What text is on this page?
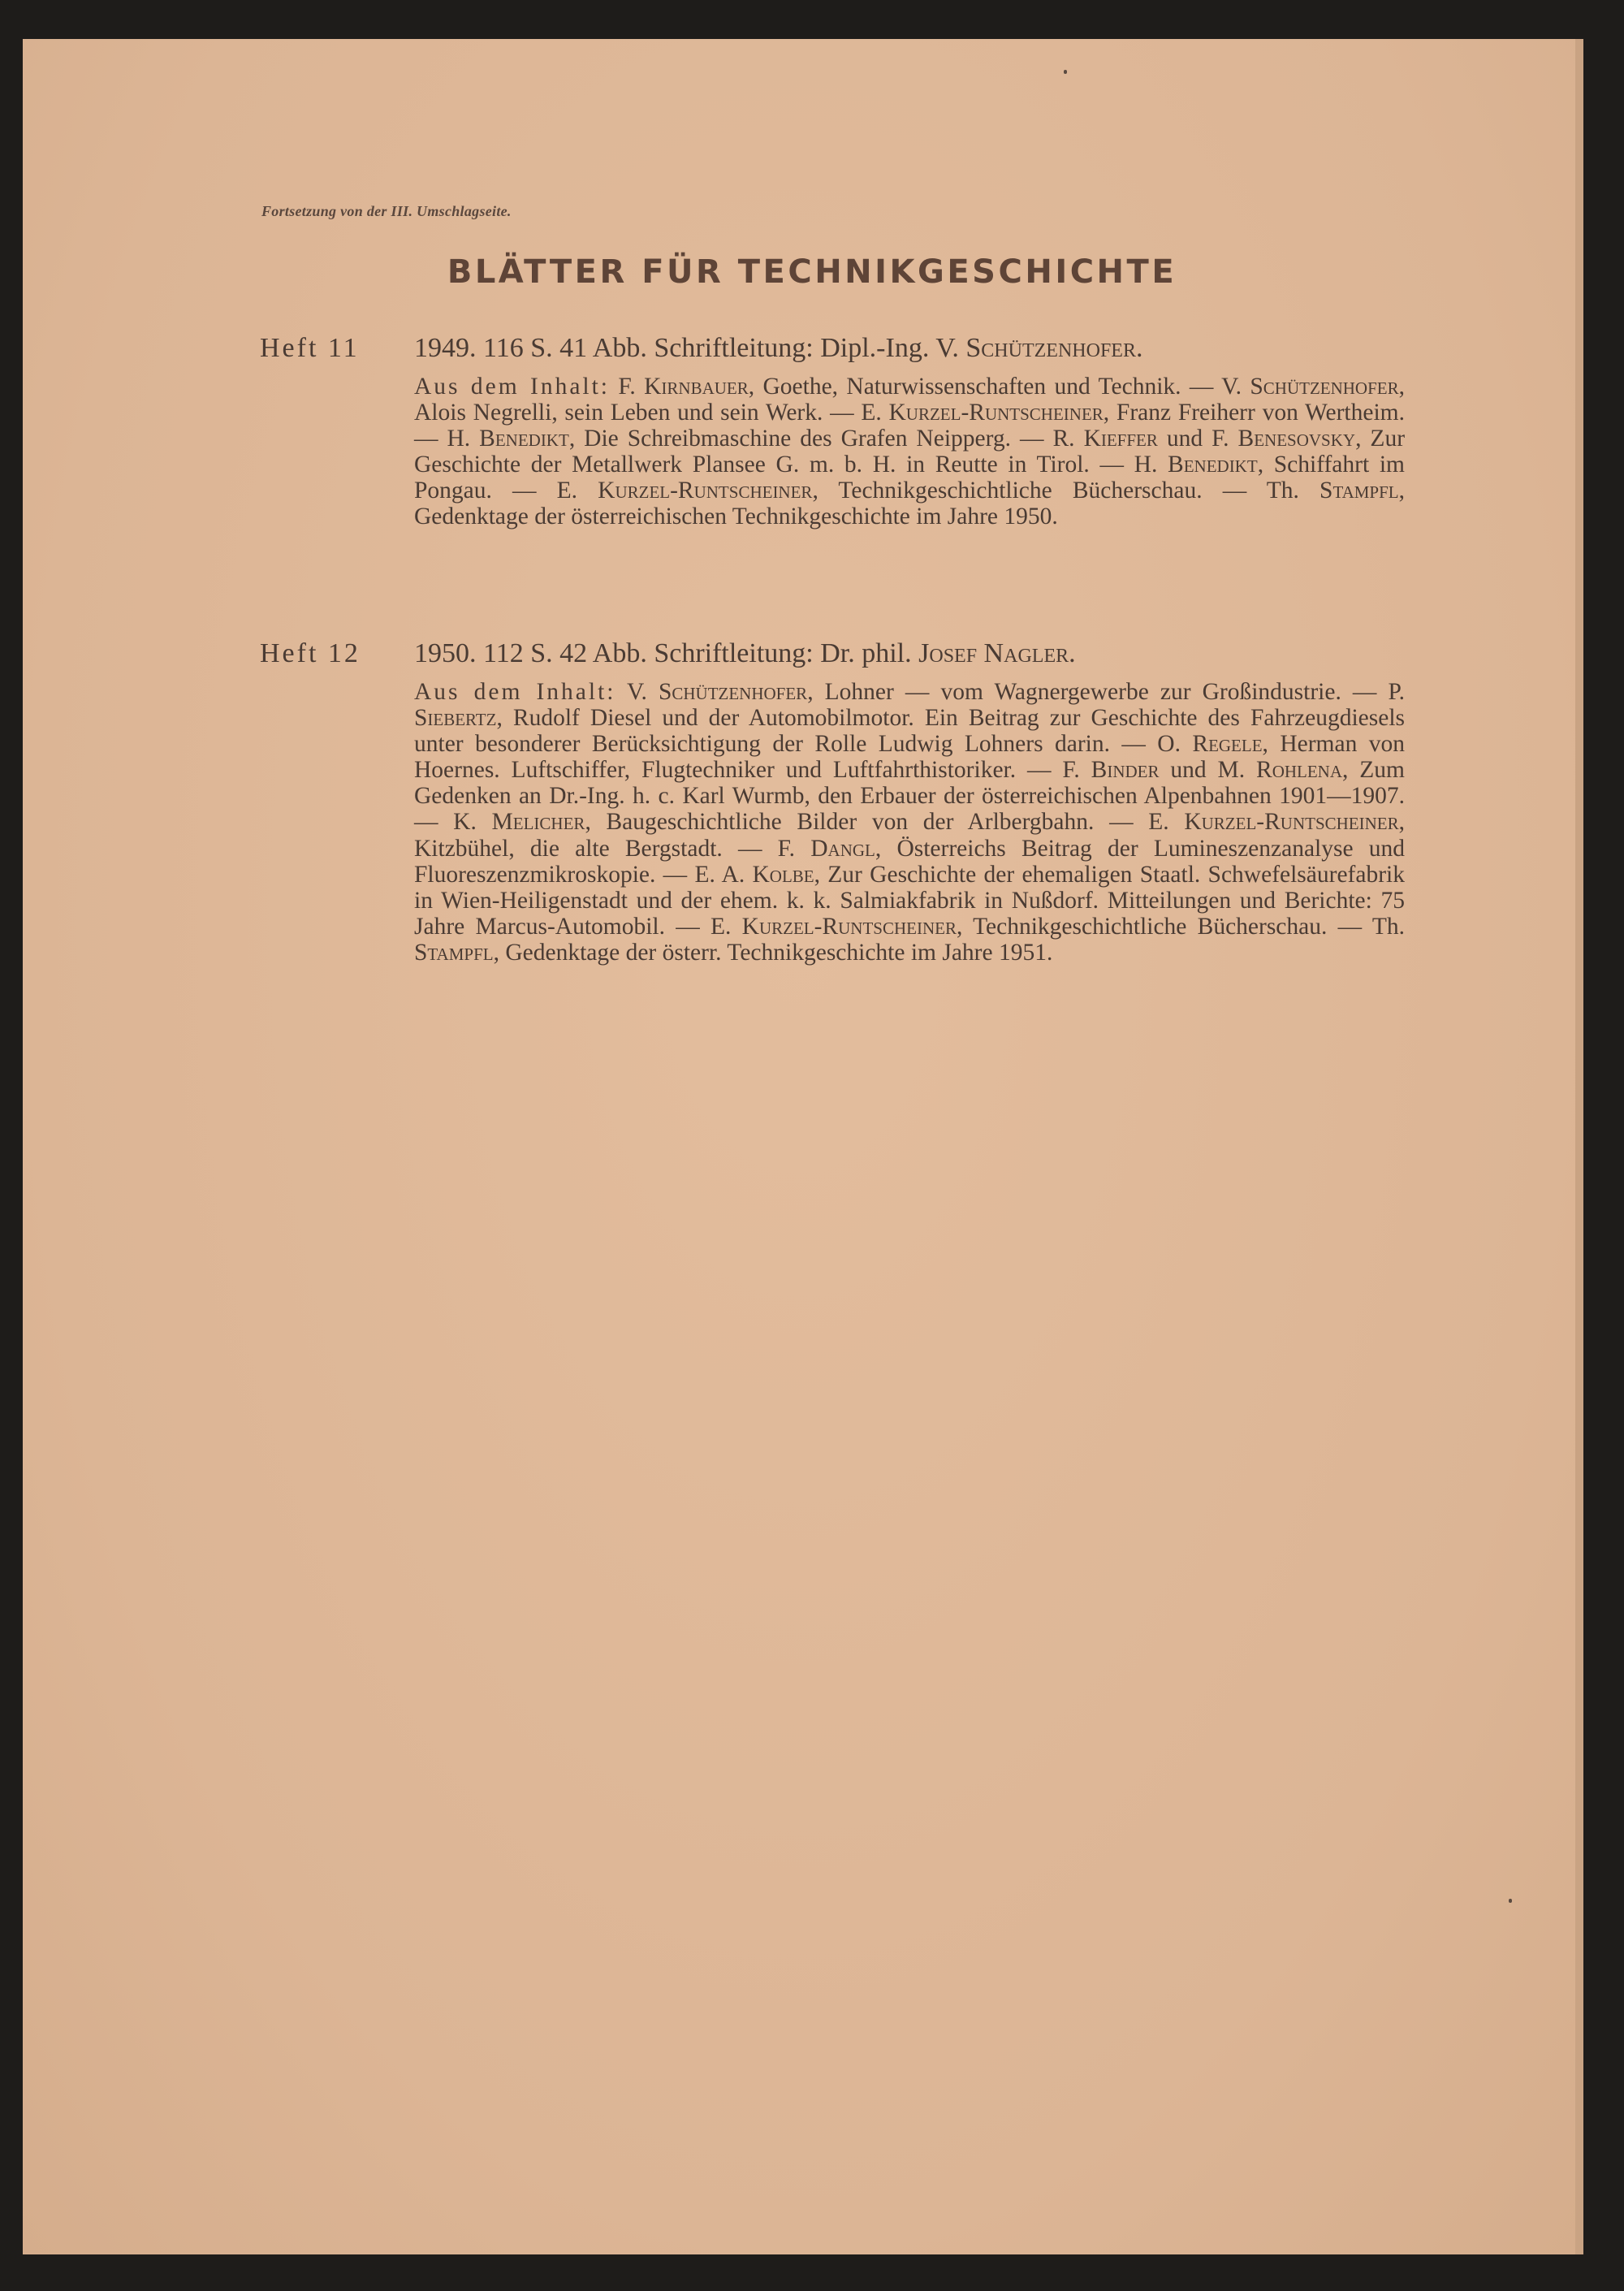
Fortsetzung von der III. Umschlagseite.
BLÄTTER FÜR TECHNIKGESCHICHTE
Heft 11 1949. 116 S. 41 Abb. Schriftleitung: Dipl.-Ing. V. Schützenhofer.
Aus dem Inhalt: F. Kirnbauer, Goethe, Naturwissenschaften und Technik. — V. Schützenhofer, Alois Negrelli, sein Leben und sein Werk. — E. Kurzel-Runtscheiner, Franz Freiherr von Wertheim. — H. Benedikt, Die Schreibmaschine des Grafen Neipperg. — R. Kieffer und F. Benesovsky, Zur Geschichte der Metallwerk Plansee G. m. b. H. in Reutte in Tirol. — H. Benedikt, Schiffahrt im Pongau. — E. Kurzel-Runtscheiner, Technikgeschichtliche Bücherschau. — Th. Stampfl, Gedenktage der österreichischen Technikgeschichte im Jahre 1950.
Heft 12 1950. 112 S. 42 Abb. Schriftleitung: Dr. phil. Josef Nagler.
Aus dem Inhalt: V. Schützenhofer, Lohner — vom Wagnergewerbe zur Großindustrie. — P. Siebertz, Rudolf Diesel und der Automobilmotor. Ein Beitrag zur Geschichte des Fahrzeugdiesels unter besonderer Berücksichtigung der Rolle Ludwig Lohners darin. — O. Regele, Herman von Hoernes. Luftschiffer, Flugtechniker und Luftfahrthistoriker. — F. Binder und M. Rohlena, Zum Gedenken an Dr.-Ing. h. c. Karl Wurmb, den Erbauer der österreichischen Alpenbahnen 1901—1907. — K. Melicher, Baugeschichtliche Bilder von der Arlbergbahn. — E. Kurzel-Runtscheiner, Kitzbühel, die alte Bergstadt. — F. Dangl, Österreichs Beitrag der Lumineszenzanalyse und Fluoreszenzmikroskopie. — E. A. Kolbe, Zur Geschichte der ehemaligen Staatl. Schwefelsäurefabrik in Wien-Heiligenstadt und der ehem. k. k. Salmiakfabrik in Nußdorf. Mitteilungen und Berichte: 75 Jahre Marcus-Automobil. — E. Kurzel-Runtscheiner, Technikgeschichtliche Bücherschau. — Th. Stampfl, Gedenktage der österr. Technikgeschichte im Jahre 1951.
